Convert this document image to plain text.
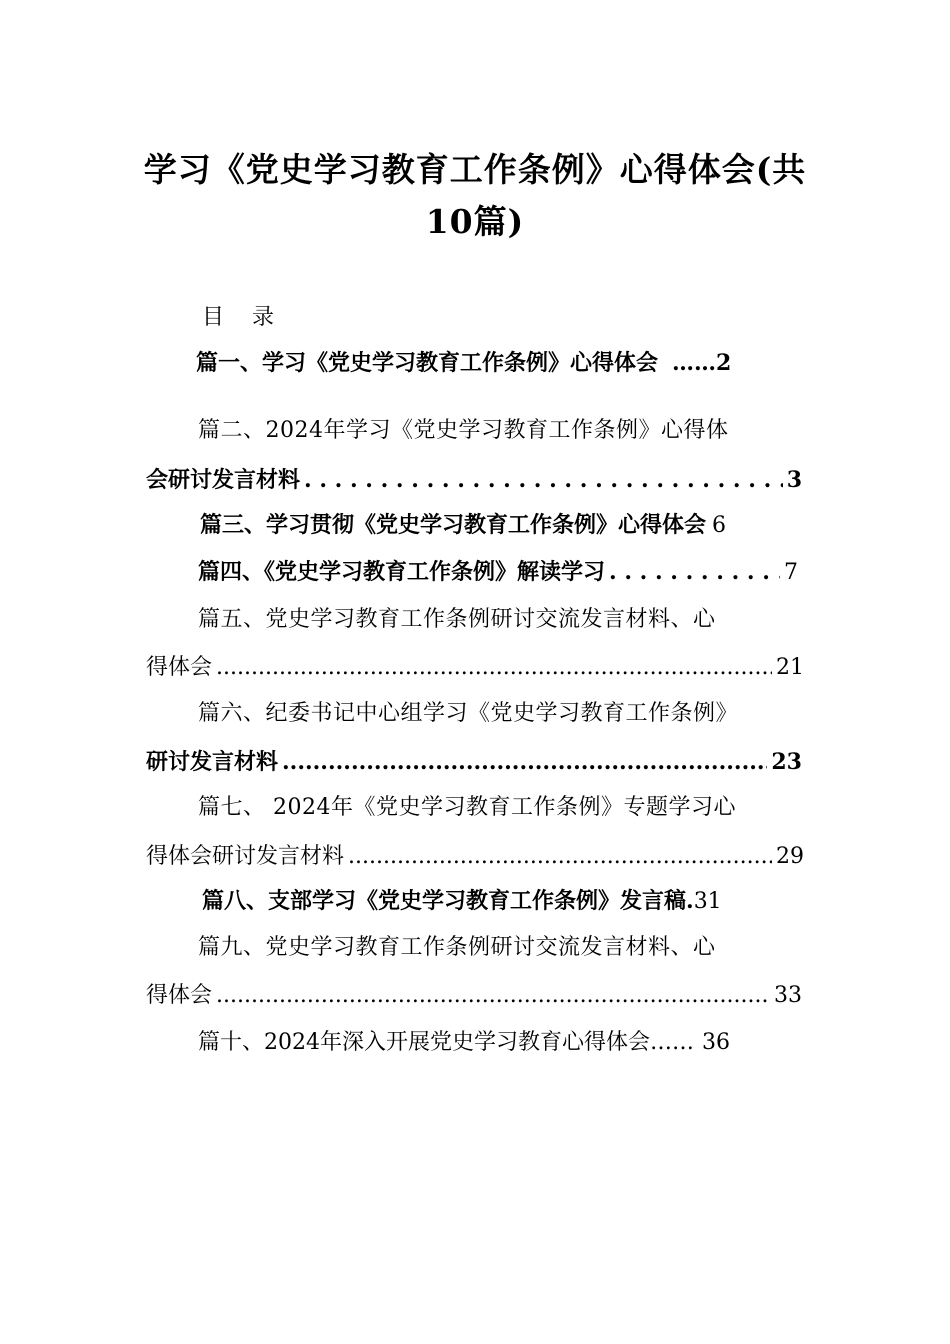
学习《党史学习教育工作条例》心得体会(共
10篇)
目    录
篇一、学习《党史学习教育工作条例》心得体会 …… 2
篇二、2024年学习《党史学习教育工作条例》心得体
会研讨发言材料 . . .	3
篇三、学习贯彻《党史学习教育工作条例》心得体会 6
篇四、《党史学习教育工作条例》解读学习 . . .	7
篇五、党史学习教育工作条例研讨交流发言材料、心
得体会 .....	21
篇六、纪委书记中心组学习《党史学习教育工作条例》
研讨发言材料 .....	23
篇七、 2024年《党史学习教育工作条例》专题学习心
得体会研讨发言材料 .....	29
篇八、支部学习《党史学习教育工作条例》发言稿 . 31
篇九、党史学习教育工作条例研讨交流发言材料、心
得体会 .....	33
篇十、2024年深入开展党史学习教育心得体会 …… 36
